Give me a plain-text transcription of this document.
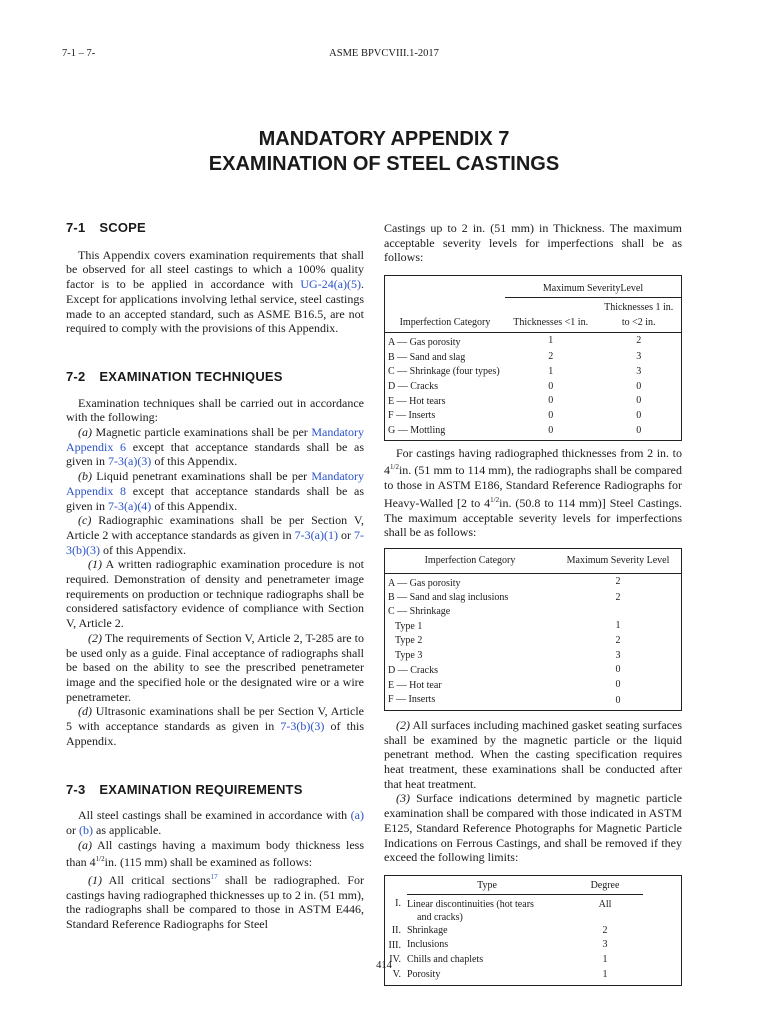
7-1 – 7-	ASME BPVCVIII.1-2017
MANDATORY APPENDIX 7
EXAMINATION OF STEEL CASTINGS
7-1 SCOPE

This Appendix covers examination requirements that shall be observed for all steel castings to which a 100% quality factor is to be applied in accordance with UG-24(a)(5). Except for applications involving lethal service, steel castings made to an accepted standard, such as ASME B16.5, are not required to comply with the provisions of this Appendix.

7-2 EXAMINATION TECHNIQUES

Examination techniques shall be carried out in accordance with the following:

(a) Magnetic particle examinations shall be per Mandatory Appendix 6 except that acceptance standards shall be as given in 7-3(a)(3) of this Appendix.

(b) Liquid penetrant examinations shall be per Mandatory Appendix 8 except that acceptance standards shall be as given in 7-3(a)(4) of this Appendix.

(c) Radiographic examinations shall be per Section V, Article 2 with acceptance standards as given in 7-3(a)(1) or 7-3(b)(3) of this Appendix.

(1) A written radiographic examination procedure is not required. Demonstration of density and penetrameter image requirements on production or technique radiographs shall be considered satisfactory evidence of compliance with Section V, Article 2.

(2) The requirements of Section V, Article 2, T-285 are to be used only as a guide. Final acceptance of radiographs shall be based on the ability to see the prescribed penetrameter image and the specified hole or the designated wire or a wire penetrameter.

(d) Ultrasonic examinations shall be per Section V, Article 5 with acceptance standards as given in 7-3(b)(3) of this Appendix.

7-3 EXAMINATION REQUIREMENTS

All steel castings shall be examined in accordance with (a) or (b) as applicable.

(a) All castings having a maximum body thickness less than $4^{1/2}in$. (115 mm) shall be examined as follows:

(1) All critical sections$^{17}$ shall be radiographed. For castings having radiographed thicknesses up to 2 in. (51 mm), the radiographs shall be compared to those in ASTM E446, Standard Reference Radiographs for Steel

Castings up to 2 in. (51 mm) in Thickness. The maximum acceptable severity levels for imperfections shall be as follows:

	Maximum SeverityLevel	
		Thicknesses 1 in.
Imperfection Category	Thicknesses <1 in.	to <2 in.
A — Gas porosity	1	2
B — Sand and slag	2	3
C — Shrinkage (four types)	1	3
D — Cracks	0	0
E — Hot tears	0	0
F — Inserts	0	0
G — Mottling	0	0

For castings having radiographed thicknesses from 2 in. to $4^{1/2}in$. (51 mm to 114 mm), the radiographs shall be compared to those in ASTM E186, Standard Reference Radiographs for Heavy-Walled [2 to $4^{1/2}in$. (50.8 to 114 mm)] Steel Castings. The maximum acceptable severity levels for imperfections shall be as follows:

Imperfection Category	Maximum Severity Level
A — Gas porosity	2
B — Sand and slag inclusions	2
C — Shrinkage	
Type 1	1
Type 2	2
Type 3	3
D — Cracks	0
E — Hot tear	0
F — Inserts	0

(2) All surfaces including machined gasket seating surfaces shall be examined by the magnetic particle or the liquid penetrant method. When the casting specification requires heat treatment, these examinations shall be conducted after that heat treatment.

(3) Surface indications determined by magnetic particle examination shall be compared with those indicated in ASTM E125, Standard Reference Photographs for Magnetic Particle Indications on Ferrous Castings, and shall be removed if they exceed the following limits:

	Type	Degree	
I.	Linear discontinuities (hot tears
and cracks)	All	
II.	Shrinkage	2	
III.	Inclusions	3	
IV.	Chills and chaplets	1	
V.	Porosity	1	
414
